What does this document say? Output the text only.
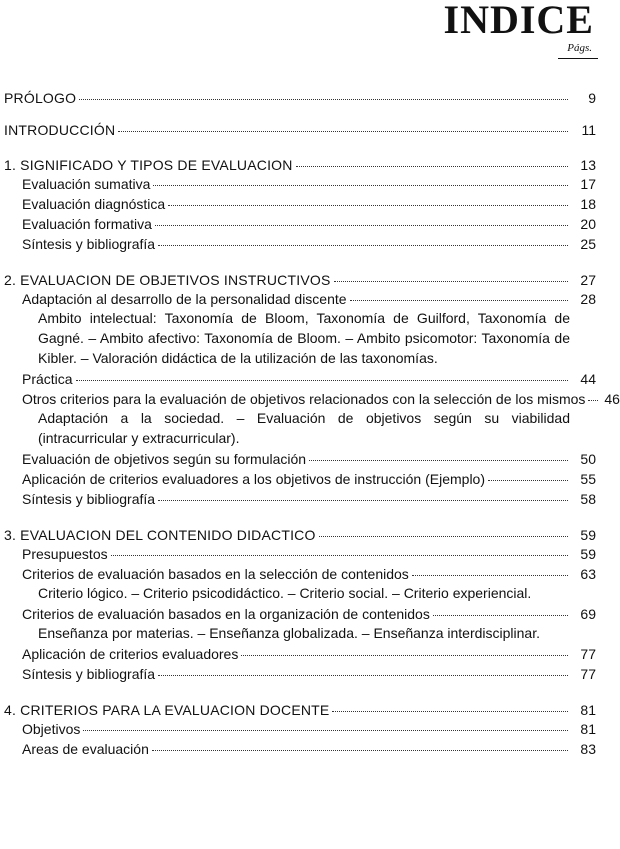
INDICE
Págs.
PRÓLOGO	9
INTRODUCCIÓN	11
1. SIGNIFICADO Y TIPOS DE EVALUACION	13
Evaluación sumativa	17
Evaluación diagnóstica	18
Evaluación formativa	20
Síntesis y bibliografía	25
2. EVALUACION DE OBJETIVOS INSTRUCTIVOS	27
Adaptación al desarrollo de la personalidad discente	28
Ambito intelectual: Taxonomía de Bloom, Taxonomía de Guilford, Taxonomía de Gagné. – Ambito afectivo: Taxonomía de Bloom. – Ambito psicomotor: Taxonomía de Kibler. – Valoración didáctica de la utilización de las taxonomías.
Práctica	44
Otros criterios para la evaluación de objetivos relacionados con la selección de los mismos 46
Adaptación a la sociedad. – Evaluación de objetivos según su viabilidad (intracurricular y extracurricular).
Evaluación de objetivos según su formulación	50
Aplicación de criterios evaluadores a los objetivos de instrucción (Ejemplo)	55
Síntesis y bibliografía	58
3. EVALUACION DEL CONTENIDO DIDACTICO	59
Presupuestos	59
Criterios de evaluación basados en la selección de contenidos	63
Criterio lógico. – Criterio psicodidáctico. – Criterio social. – Criterio experiencial.
Criterios de evaluación basados en la organización de contenidos	69
Enseñanza por materias. – Enseñanza globalizada. – Enseñanza interdisciplinar.
Aplicación de criterios evaluadores	77
Síntesis y bibliografía	77
4. CRITERIOS PARA LA EVALUACION DOCENTE	81
Objetivos	81
Areas de evaluación	83
